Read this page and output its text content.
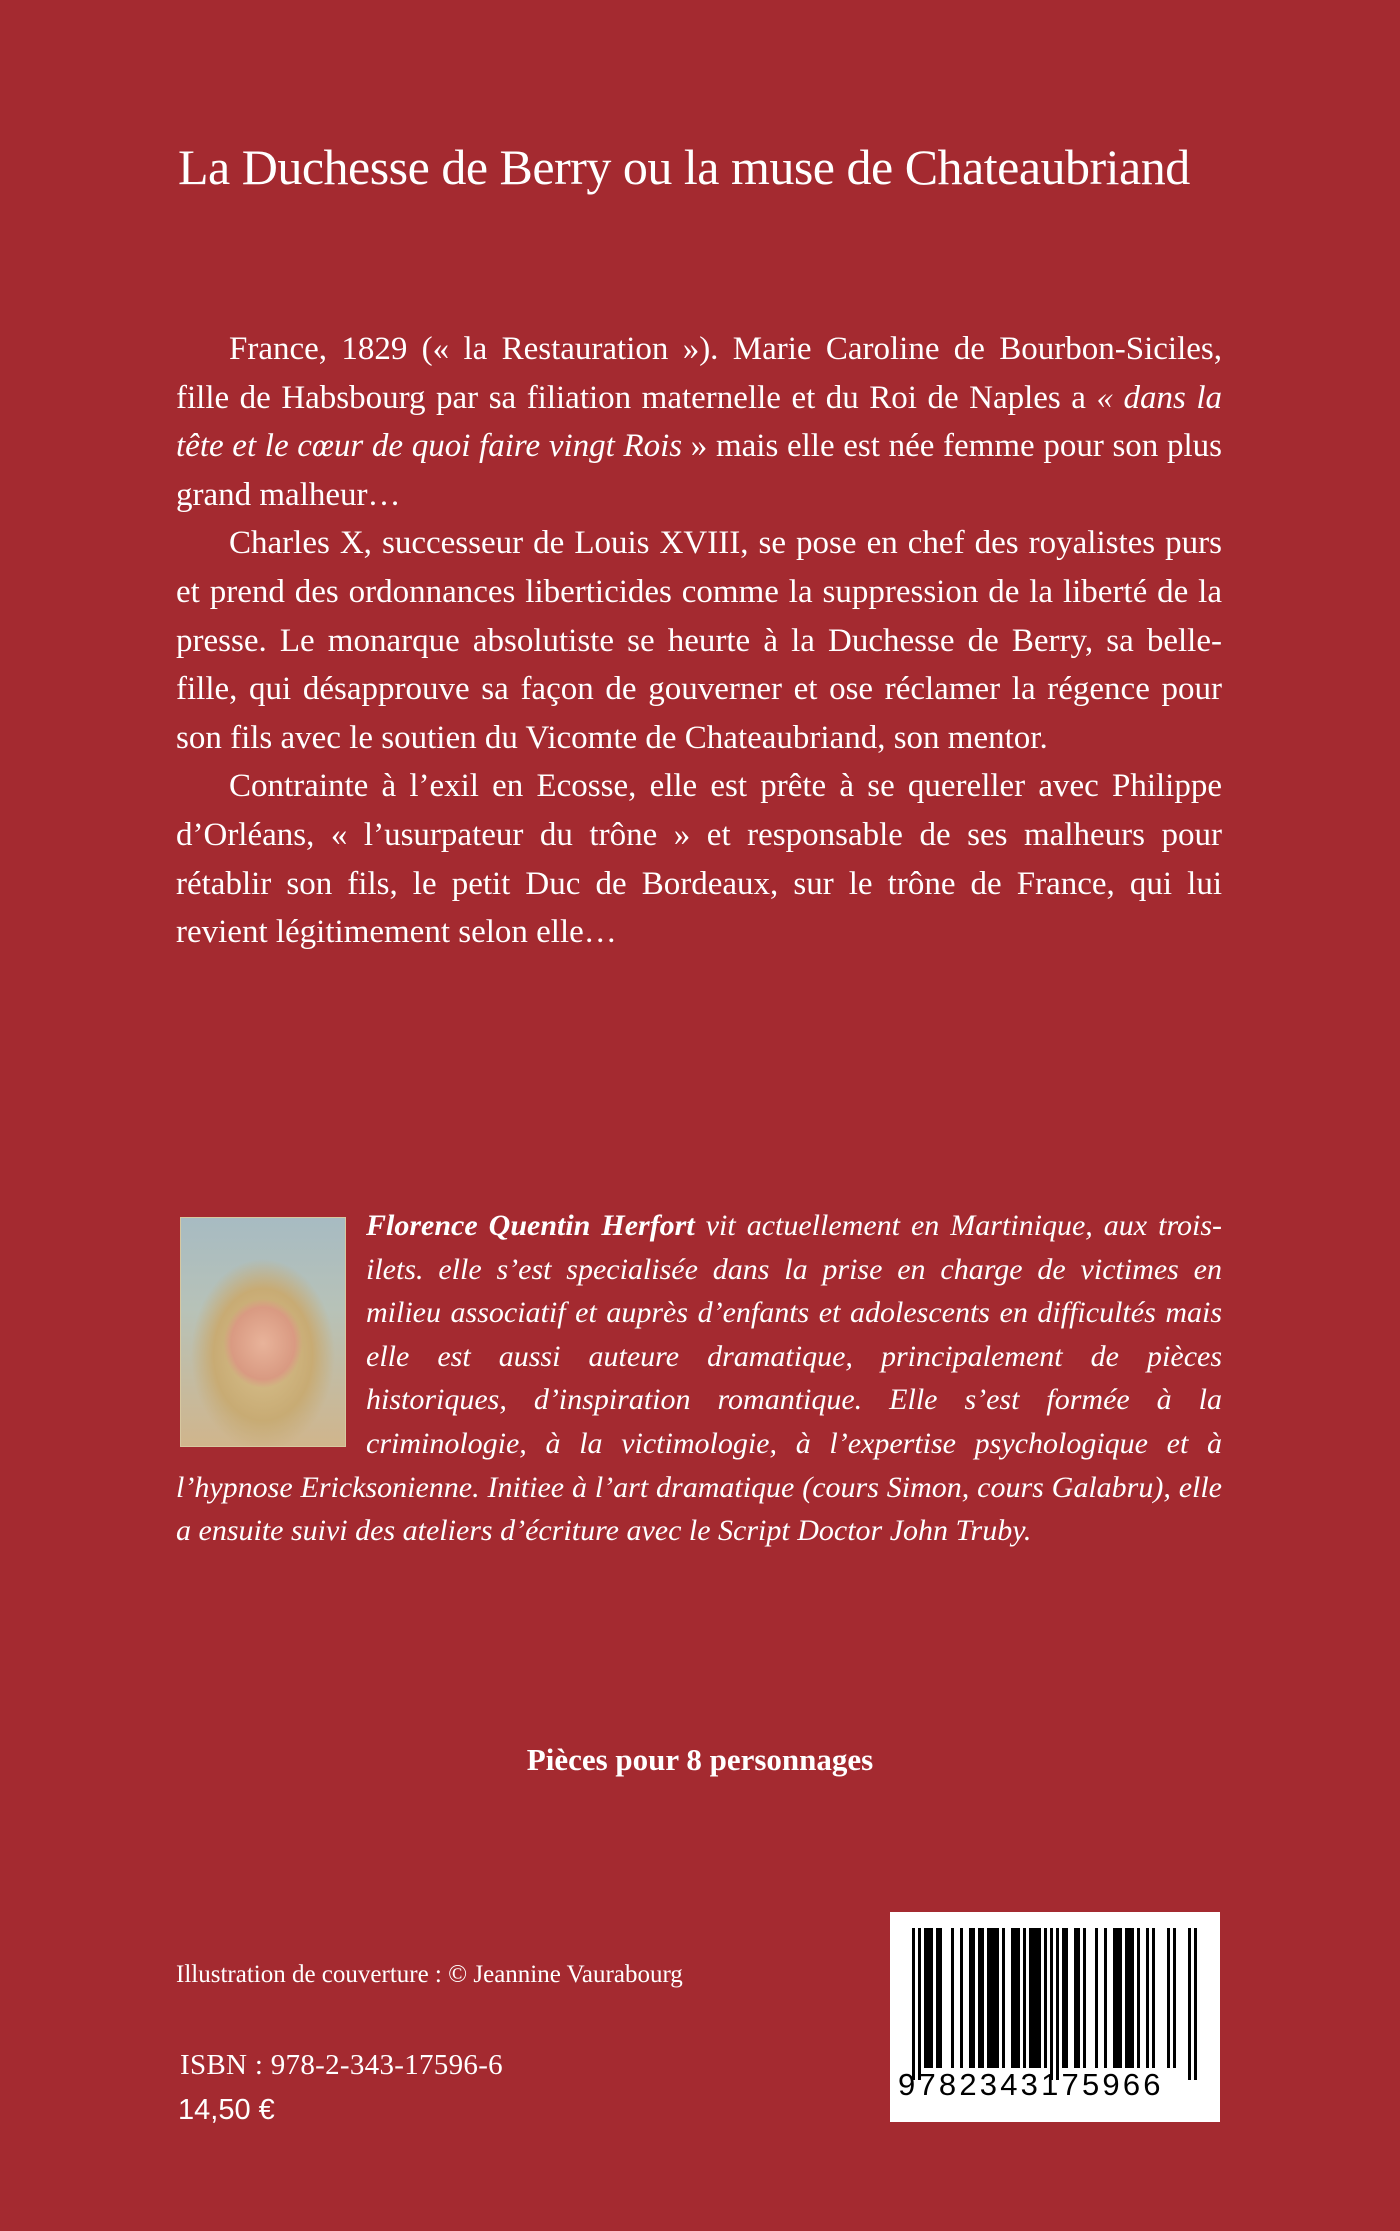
La Duchesse de Berry ou la muse de Chateaubriand

France, 1829 (« la Restauration »). Marie Caroline de Bourbon-Siciles, fille de Habsbourg par sa filiation maternelle et du Roi de Naples a « dans la tête et le cœur de quoi faire vingt Rois » mais elle est née femme pour son plus grand malheur…

Charles X, successeur de Louis XVIII, se pose en chef des royalistes purs et prend des ordonnances liberticides comme la suppression de la liberté de la presse. Le monarque absolutiste se heurte à la Duchesse de Berry, sa belle-fille, qui désapprouve sa façon de gouverner et ose réclamer la régence pour son fils avec le soutien du Vicomte de Chateaubriand, son mentor.

Contrainte à l’exil en Ecosse, elle est prête à se quereller avec Philippe d’Orléans, « l’usurpateur du trône » et responsable de ses malheurs pour rétablir son fils, le petit Duc de Bordeaux, sur le trône de France, qui lui revient légitimement selon elle…

Florence Quentin Herfort vit actuellement en Martinique, aux trois- ilets. elle s’est specialisée dans la prise en charge de victimes en milieu associatif et auprès d’enfants et adolescents en difficultés mais elle est aussi auteure dramatique, principalement de pièces historiques, d’inspiration romantique. Elle s’est formée à la criminologie, à la victimologie, à l’expertise psychologique et à l’hypnose Ericksonienne. Initiee à l’art dramatique (cours Simon, cours Galabru), elle a ensuite suivi des ateliers d’écriture avec le Script Doctor John Truby.

Pièces pour 8 personnages

Illustration de couverture : © Jeannine Vaurabourg

ISBN : 978-2-343-17596-6

14,50 €

9782343175966
